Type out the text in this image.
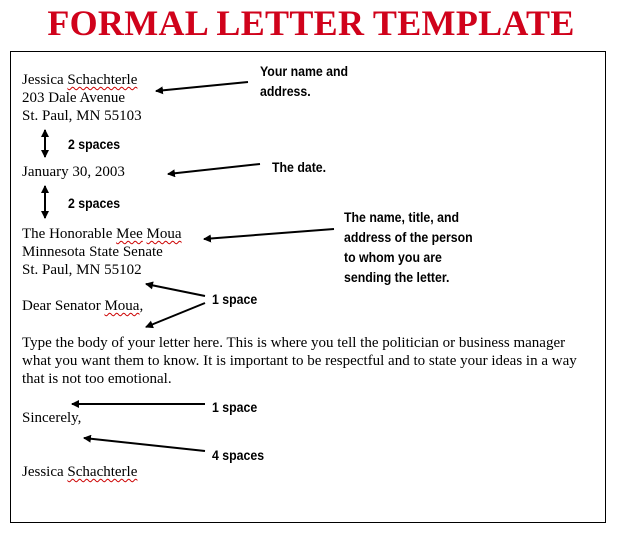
FORMAL LETTER TEMPLATE
Jessica Schachterle
203 Dale Avenue
St. Paul, MN 55103
January 30, 2003
The Honorable Mee Moua
Minnesota State Senate
St. Paul, MN 55102
Dear Senator Moua,
Type the body of your letter here. This is where you tell the politician or business manager what you want them to know. It is important to be respectful and to state your ideas in a way that is not too emotional.
Sincerely,
Jessica Schachterle
Your name and
address.
2 spaces
The date.
2 spaces
The name, title, and
address of the person
to whom you are
sending the letter.
1 space
1 space
4 spaces
